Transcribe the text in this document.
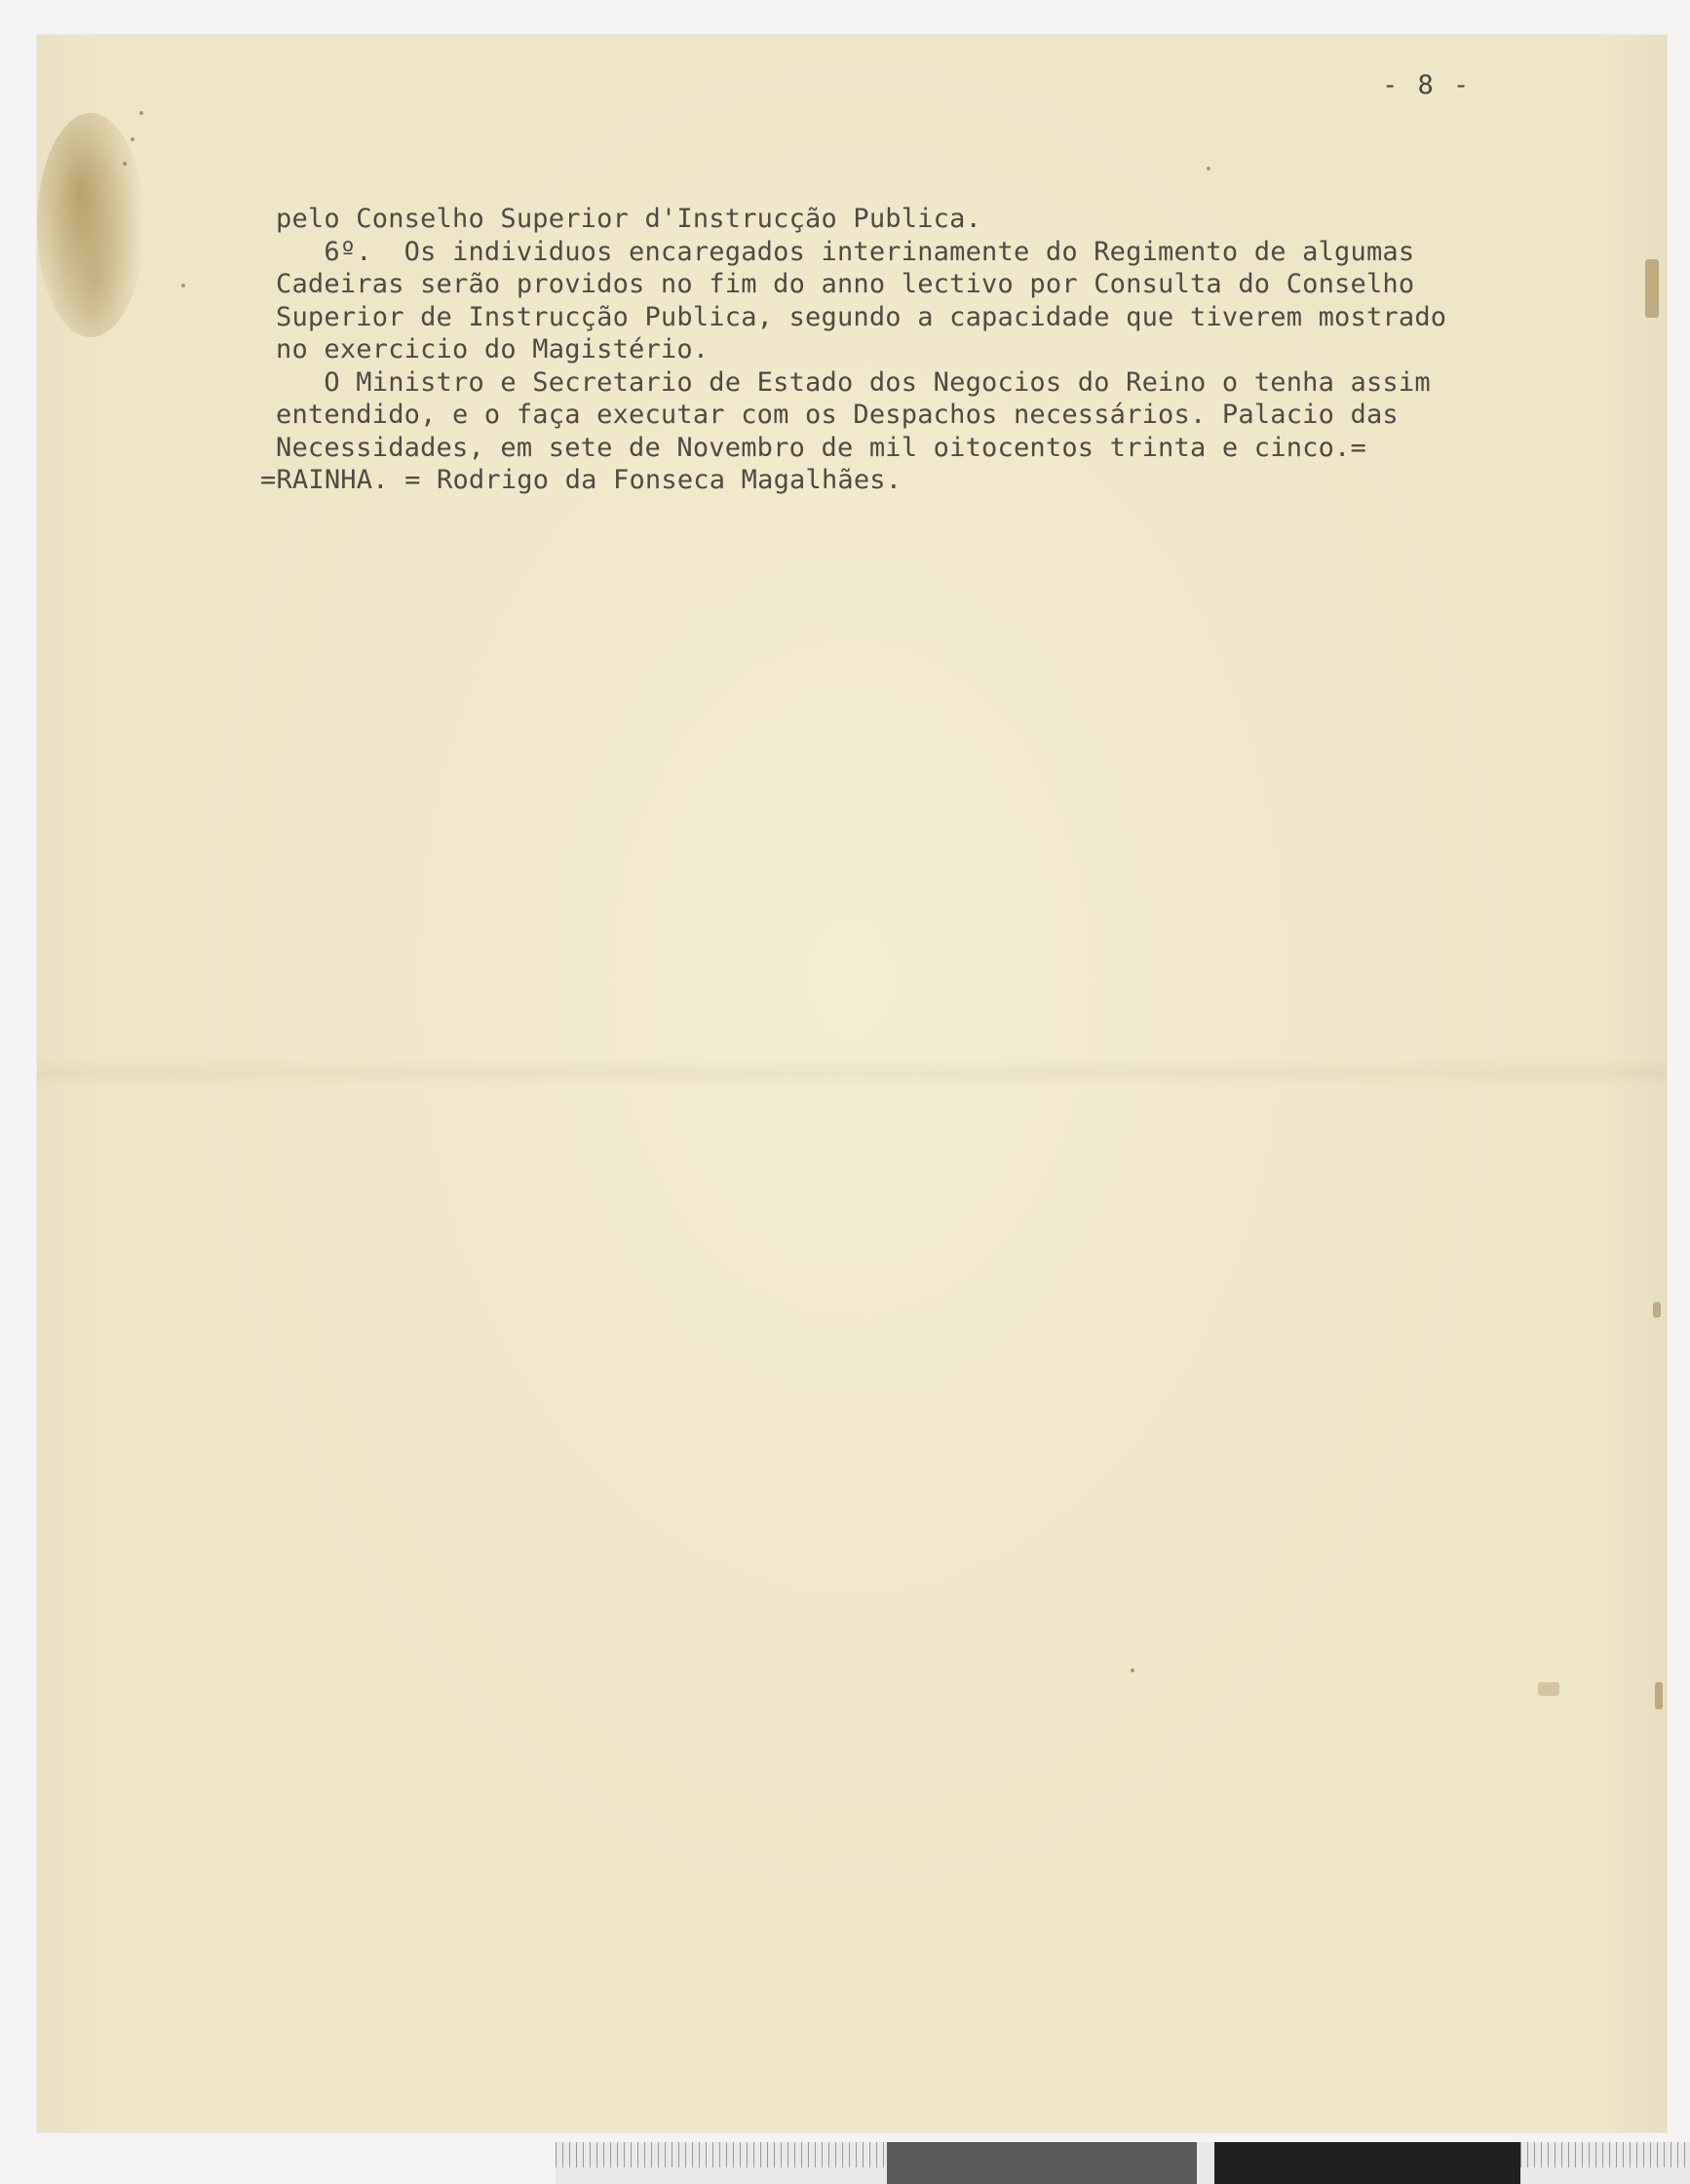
- 8 -
pelo Conselho Superior d'Instrucção Publica.
6º.  Os individuos encaregados interinamente do Regimento de algumas
Cadeiras serão providos no fim do anno lectivo por Consulta do Conselho
Superior de Instrucção Publica, segundo a capacidade que tiverem mostrado
no exercicio do Magistério.
O Ministro e Secretario de Estado dos Negocios do Reino o tenha assim
entendido, e o faça executar com os Despachos necessários. Palacio das
Necessidades, em sete de Novembro de mil oitocentos trinta e cinco.=
=RAINHA. = Rodrigo da Fonseca Magalhães.
